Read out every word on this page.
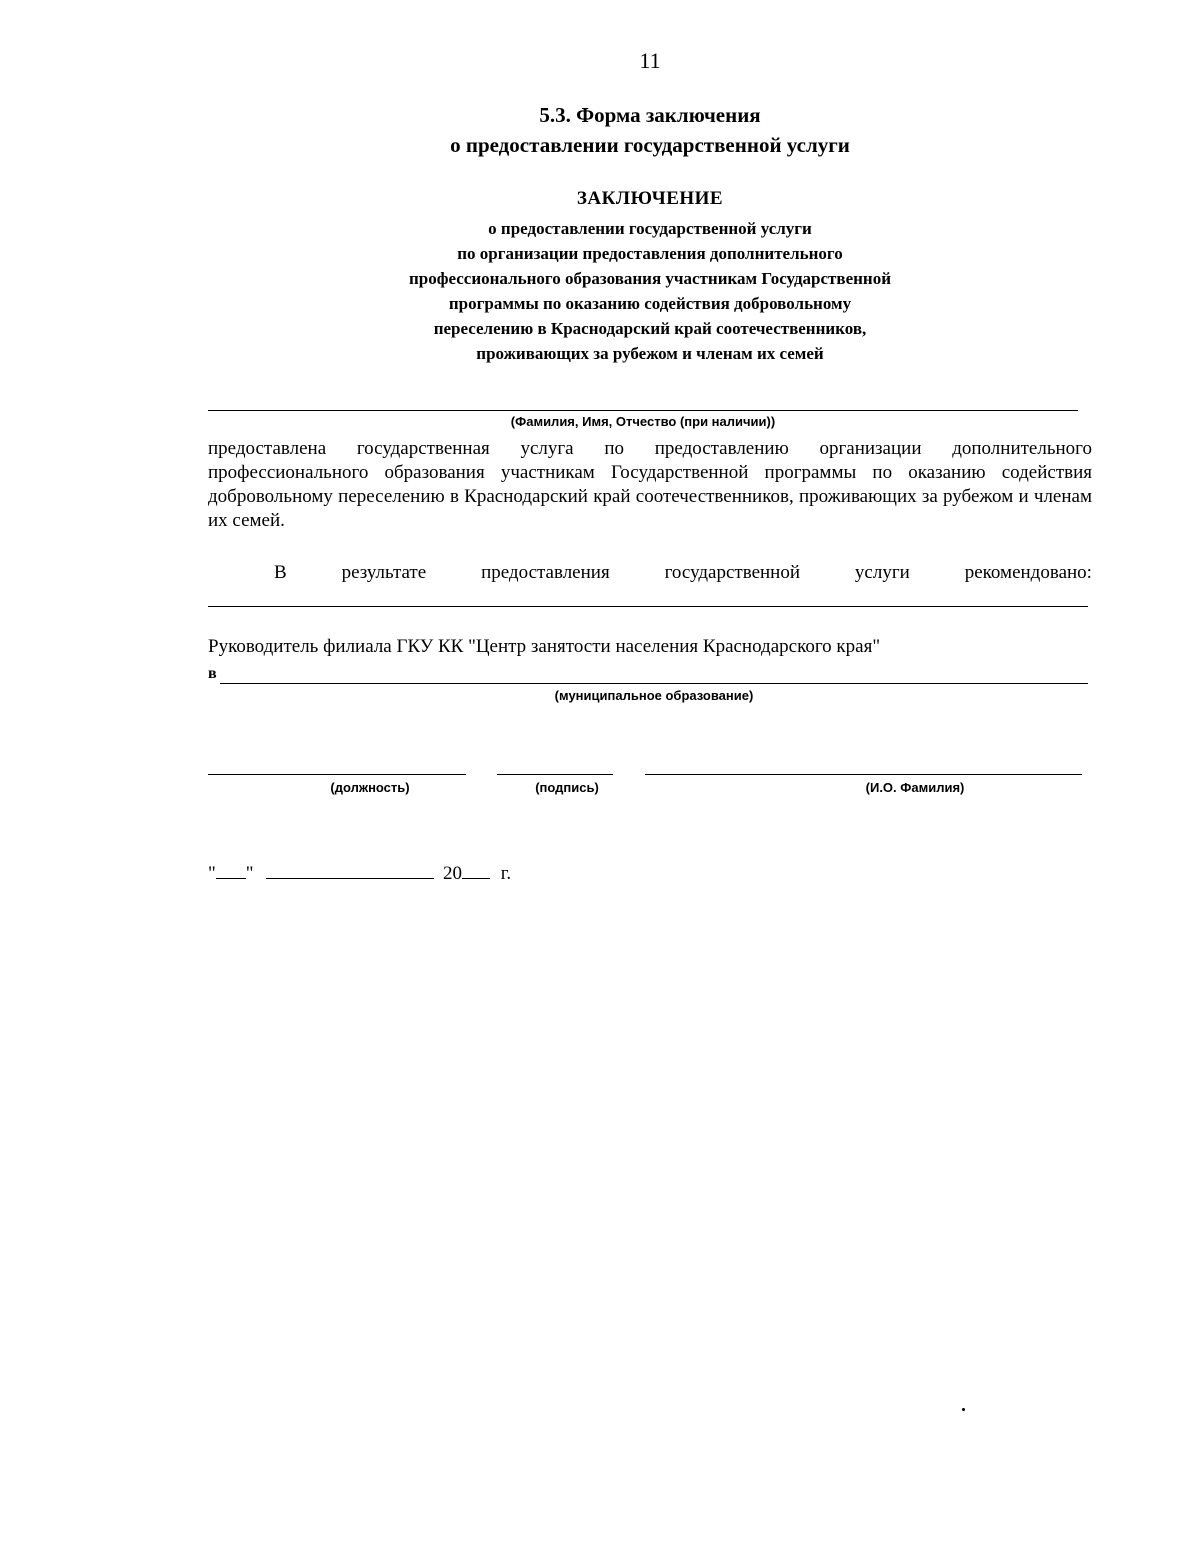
11
5.3. Форма заключения
о предоставлении государственной услуги
ЗАКЛЮЧЕНИЕ
о предоставлении государственной услуги
по организации предоставления дополнительного
профессионального образования участникам Государственной
программы по оказанию содействия добровольному
переселению в Краснодарский край соотечественников,
проживающих за рубежом и членам их семей
(Фамилия, Имя, Отчество (при наличии))
предоставлена государственная услуга по предоставлению организации дополнительного профессионального образования участникам Государственной программы по оказанию содействия добровольному переселению в Краснодарский край соотечественников, проживающих за рубежом и членам их семей.
В	результате	предоставления	государственной	услуги	рекомендовано:
Руководитель филиала ГКУ КК "Центр занятости населения Краснодарского края"
в
(муниципальное образование)
(должность)	(подпись)	(И.О. Фамилия)
" "	20 г.
